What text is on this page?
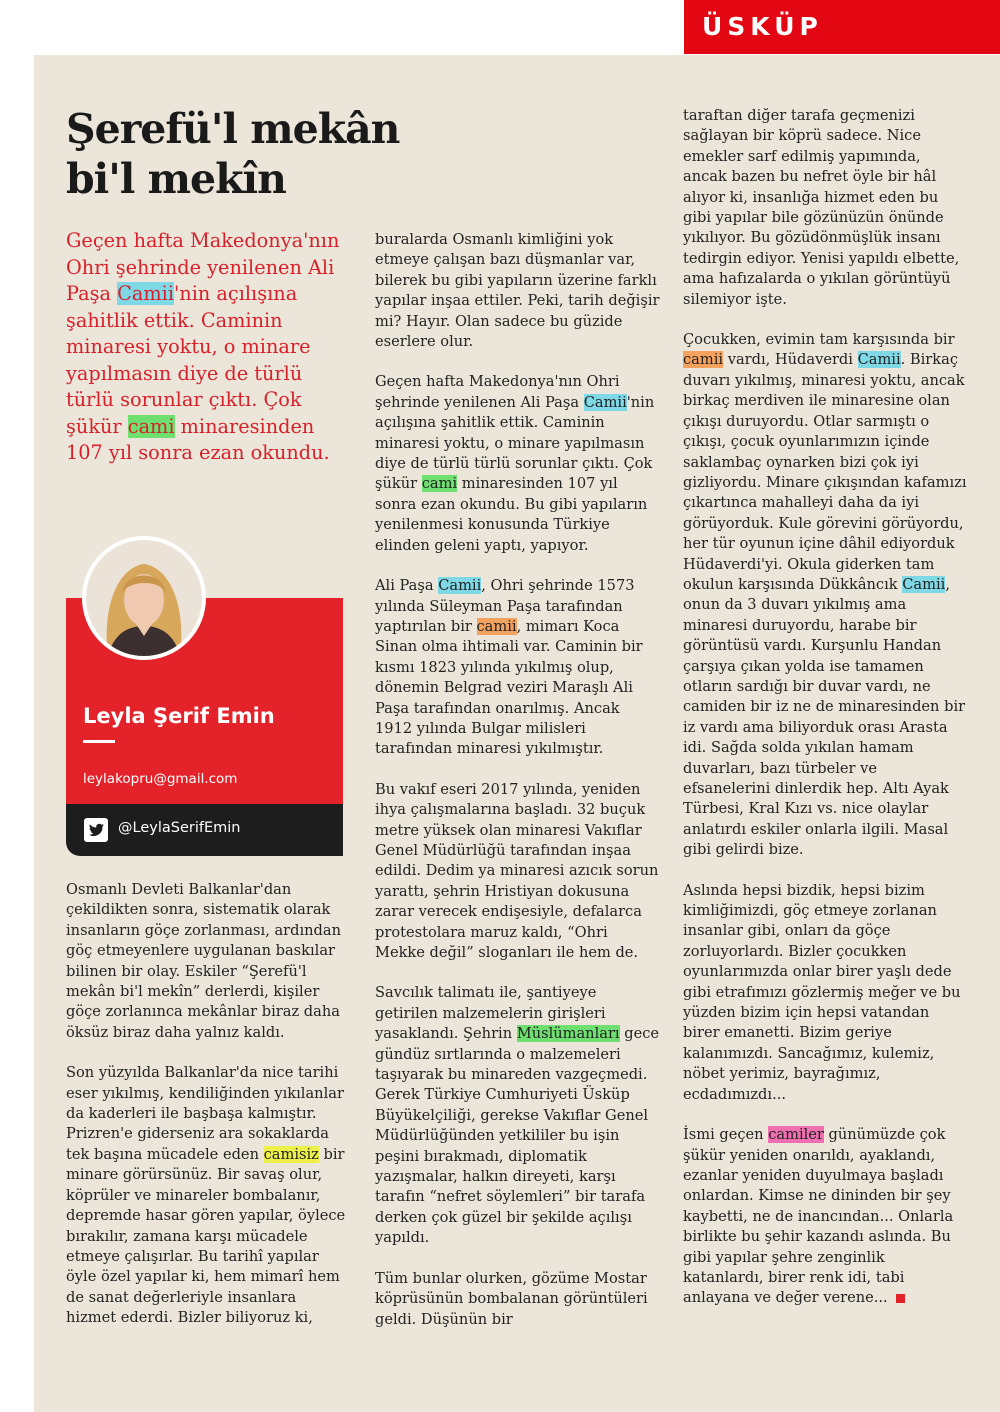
ÜSKÜP
Şerefü'l mekân
bi'l mekîn
Geçen hafta Makedonya'nın Ohri şehrinde yenilenen Ali Paşa Camii'nin açılışına şahitlik ettik. Caminin minaresi yoktu, o minare yapılmasın diye de türlü türlü sorunlar çıktı. Çok şükür cami minaresinden 107 yıl sonra ezan okundu.
Leyla Şerif Emin
leylakopru@gmail.com
@LeylaSerifEmin

Osmanlı Devleti Balkanlar'dan çekildikten sonra, sistematik olarak insanların göçe zorlanması, ardından göç etmeyenlere uygulanan baskılar bilinen bir olay. Eskiler “Şerefü'l mekân bi'l mekîn” derlerdi, kişiler göçe zorlanınca mekânlar biraz daha öksüz biraz daha yalnız kaldı.

Son yüzyılda Balkanlar'da nice tarihi eser yıkılmış, kendiliğinden yıkılanlar da kaderleri ile başbaşa kalmıştır. Prizren'e giderseniz ara sokaklarda tek başına mücadele eden camisiz bir minare görürsünüz. Bir savaş olur, köprüler ve minareler bombalanır, depremde hasar gören yapılar, öylece bırakılır, zamana karşı mücadele etmeye çalışırlar. Bu tarihî yapılar öyle özel yapılar ki, hem mimarî hem de sanat değerleriyle insanlara hizmet ederdi. Bizler biliyoruz ki,

buralarda Osmanlı kimliğini yok etmeye çalışan bazı düşmanlar var, bilerek bu gibi yapıların üzerine farklı yapılar inşaa ettiler. Peki, tarih değişir mi? Hayır. Olan sadece bu güzide eserlere olur.

Geçen hafta Makedonya'nın Ohri şehrinde yenilenen Ali Paşa Camii'nin açılışına şahitlik ettik. Caminin minaresi yoktu, o minare yapılmasın diye de türlü türlü sorunlar çıktı. Çok şükür cami minaresinden 107 yıl sonra ezan okundu. Bu gibi yapıların yenilenmesi konusunda Türkiye elinden geleni yaptı, yapıyor.

Ali Paşa Camii, Ohri şehrinde 1573 yılında Süleyman Paşa tarafından yaptırılan bir camii, mimarı Koca Sinan olma ihtimali var. Caminin bir kısmı 1823 yılında yıkılmış olup, dönemin Belgrad veziri Maraşlı Ali Paşa tarafından onarılmış. Ancak 1912 yılında Bulgar milisleri tarafından minaresi yıkılmıştır.

Bu vakıf eseri 2017 yılında, yeniden ihya çalışmalarına başladı. 32 buçuk metre yüksek olan minaresi Vakıflar Genel Müdürlüğü tarafından inşaa edildi. Dedim ya minaresi azıcık sorun yarattı, şehrin Hristiyan dokusuna zarar verecek endişesiyle, defalarca protestolara maruz kaldı, “Ohri Mekke değil” sloganları ile hem de.

Savcılık talimatı ile, şantiyeye getirilen malzemelerin girişleri yasaklandı. Şehrin Müslümanları gece gündüz sırtlarında o malzemeleri taşıyarak bu minareden vazgeçmedi. Gerek Türkiye Cumhuriyeti Üsküp Büyükelçiliği, gerekse Vakıflar Genel Müdürlüğünden yetkililer bu işin peşini bırakmadı, diplomatik yazışmalar, halkın direyeti, karşı tarafın “nefret söylemleri” bir tarafa derken çok güzel bir şekilde açılışı yapıldı.

Tüm bunlar olurken, gözüme Mostar köprüsünün bombalanan görüntüleri geldi. Düşünün bir

taraftan diğer tarafa geçmenizi sağlayan bir köprü sadece. Nice emekler sarf edilmiş yapımında, ancak bazen bu nefret öyle bir hâl alıyor ki, insanlığa hizmet eden bu gibi yapılar bile gözünüzün önünde yıkılıyor. Bu gözüdönmüşlük insanı tedirgin ediyor. Yenisi yapıldı elbette, ama hafızalarda o yıkılan görüntüyü silemiyor işte.

Çocukken, evimin tam karşısında bir camii vardı, Hüdaverdi Camii. Birkaç duvarı yıkılmış, minaresi yoktu, ancak birkaç merdiven ile minaresine olan çıkışı duruyordu. Otlar sarmıştı o çıkışı, çocuk oyunlarımızın içinde saklambaç oynarken bizi çok iyi gizliyordu. Minare çıkışından kafamızı çıkartınca mahalleyi daha da iyi görüyorduk. Kule görevini görüyordu, her tür oyunun içine dâhil ediyorduk Hüdaverdi'yi. Okula giderken tam okulun karşısında Dükkâncık Camii, onun da 3 duvarı yıkılmış ama minaresi duruyordu, harabe bir görüntüsü vardı. Kurşunlu Handan çarşıya çıkan yolda ise tamamen otların sardığı bir duvar vardı, ne camiden bir iz ne de minaresinden bir iz vardı ama biliyorduk orası Arasta idi. Sağda solda yıkılan hamam duvarları, bazı türbeler ve efsanelerini dinlerdik hep. Altı Ayak Türbesi, Kral Kızı vs. nice olaylar anlatırdı eskiler onlarla ilgili. Masal gibi gelirdi bize.

Aslında hepsi bizdik, hepsi bizim kimliğimizdi, göç etmeye zorlanan insanlar gibi, onları da göçe zorluyorlardı. Bizler çocukken oyunlarımızda onlar birer yaşlı dede gibi etrafımızı gözlermiş meğer ve bu yüzden bizim için hepsi vatandan birer emanetti. Bizim geriye kalanımızdı. Sancağımız, kulemiz, nöbet yerimiz, bayrağımız, ecdadımızdı...

İsmi geçen camiler günümüzde çok şükür yeniden onarıldı, ayaklandı, ezanlar yeniden duyulmaya başladı onlardan. Kimse ne dininden bir şey kaybetti, ne de inancından... Onlarla birlikte bu şehir kazandı aslında. Bu gibi yapılar şehre zenginlik katanlardı, birer renk idi, tabi anlayana ve değer verene...
